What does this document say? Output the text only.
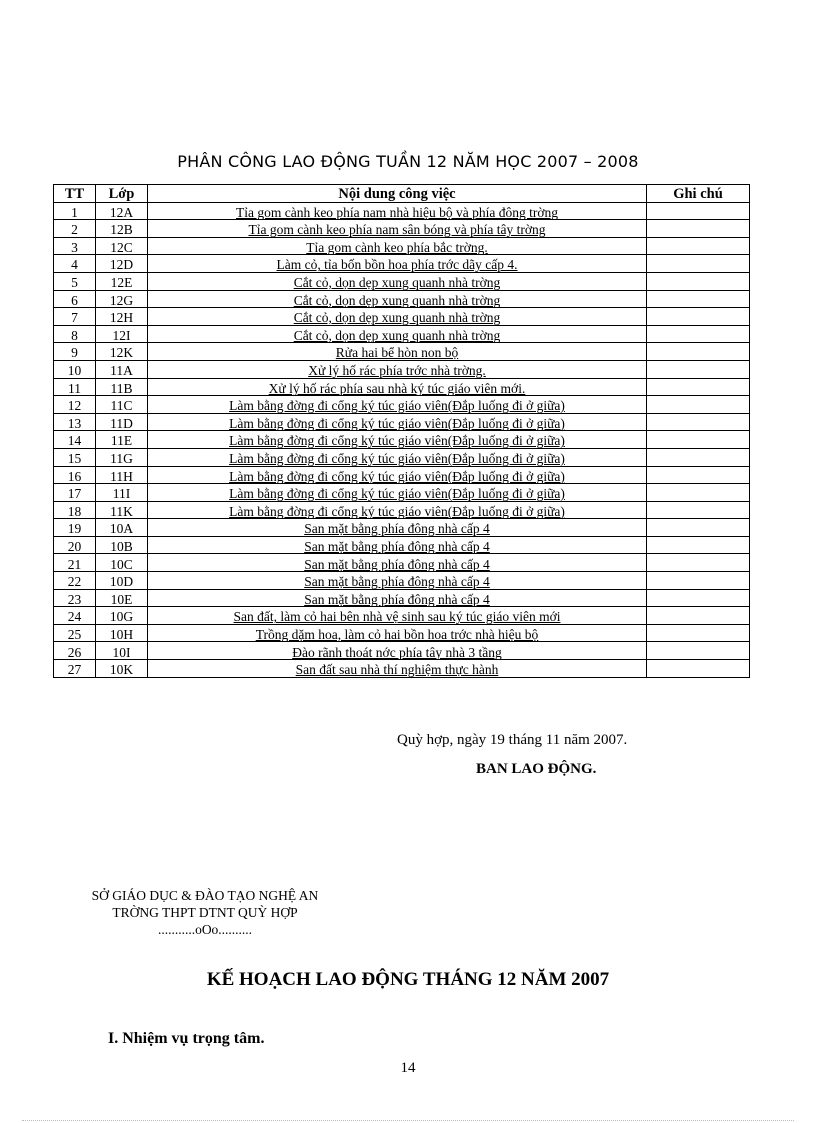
PHÂN CÔNG LAO ĐỘNG TUẦN 12 NĂM HỌC 2007 – 2008
TT	Lớp	Nội dung công việc	Ghi chú
1	12A	Tỉa gom cành keo phía nam nhà hiệu bộ và phía đông trờng	
2	12B	Tỉa gom cành keo phía nam sân bóng và phía tây trờng	
3	12C	Tỉa gom cành keo phía bắc trờng.	
4	12D	Làm cỏ, tỉa bốn bồn hoa phía trớc dãy cấp 4.	
5	12E	Cắt cỏ, dọn dẹp xung quanh nhà trờng	
6	12G	Cắt cỏ, dọn dẹp xung quanh nhà trờng	
7	12H	Cắt cỏ, dọn dẹp xung quanh nhà trờng	
8	12I	Cắt cỏ, dọn dẹp xung quanh nhà trờng	
9	12K	Rửa hai bể hòn non bộ	
10	11A	Xử lý hố rác phía trớc nhà trờng.	
11	11B	Xử lý hố rác phía sau nhà ký túc giáo viên mới.	
12	11C	Làm bằng đờng đi cổng ký túc giáo viên(Đắp luống đi ở giữa)	
13	11D	Làm bằng đờng đi cổng ký túc giáo viên(Đắp luống đi ở giữa)	
14	11E	Làm bằng đờng đi cổng ký túc giáo viên(Đắp luống đi ở giữa)	
15	11G	Làm bằng đờng đi cổng ký túc giáo viên(Đắp luống đi ở giữa)	
16	11H	Làm bằng đờng đi cổng ký túc giáo viên(Đắp luống đi ở giữa)	
17	11I	Làm bằng đờng đi cổng ký túc giáo viên(Đắp luống đi ở giữa)	
18	11K	Làm bằng đờng đi cổng ký túc giáo viên(Đắp luống đi ở giữa)	
19	10A	San mặt bằng phía đông nhà cấp 4	
20	10B	San mặt bằng phía đông nhà cấp 4	
21	10C	San mặt bằng phía đông nhà cấp 4	
22	10D	San mặt bằng phía đông nhà cấp 4	
23	10E	San mặt bằng phía đông nhà cấp 4	
24	10G	San đất, làm cỏ hai bên nhà vệ sinh sau ký túc giáo viên mới	
25	10H	Trồng dặm hoa, làm cỏ hai bồn hoa trớc nhà hiệu bộ	
26	10I	Đào rãnh thoát nớc phía tây nhà 3 tầng	
27	10K	San đất sau nhà thí nghiệm thực hành	
Quỳ hợp, ngày 19 tháng 11 năm 2007.
BAN LAO ĐỘNG.
SỞ GIÁO DỤC & ĐÀO TẠO NGHỆ AN
TRỜNG THPT DTNT QUỲ HỢP
...........oOo..........
KẾ HOẠCH LAO ĐỘNG THÁNG 12 NĂM 2007
I. Nhiệm vụ trọng tâm.
14
